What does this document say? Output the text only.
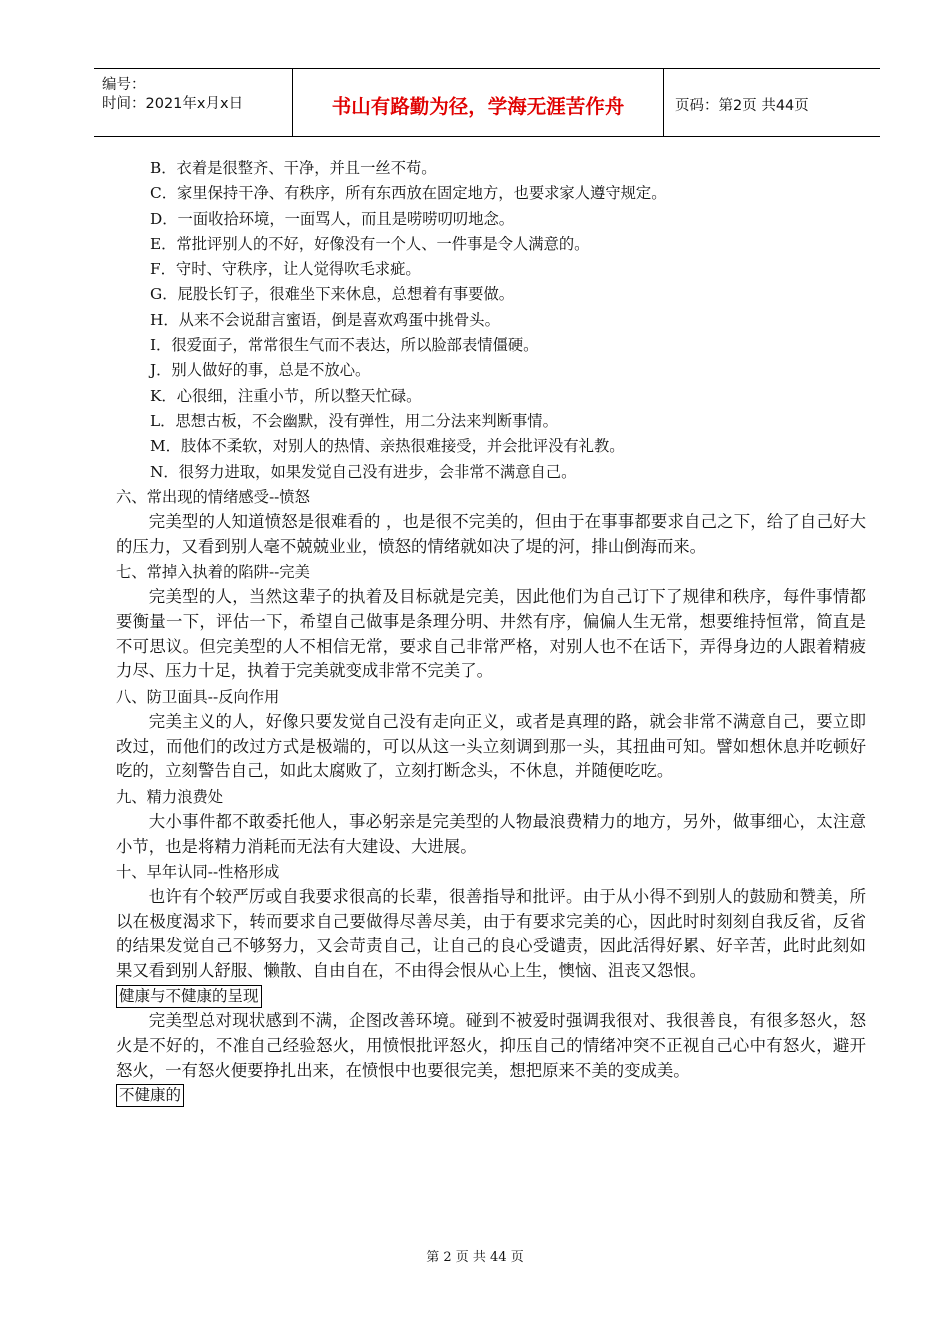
编号：
时间：2021年x月x日	书山有路勤为径，学海无涯苦作舟	页码：第2页 共44页
B．衣着是很整齐、干净，并且一丝不苟。
C．家里保持干净、有秩序，所有东西放在固定地方，也要求家人遵守规定。
D．一面收拾环境，一面骂人，而且是唠唠叨叨地念。
E．常批评别人的不好，好像没有一个人、一件事是令人满意的。
F．守时、守秩序，让人觉得吹毛求疵。
G．屁股长钉子，很难坐下来休息，总想着有事要做。
H．从来不会说甜言蜜语，倒是喜欢鸡蛋中挑骨头。
I．很爱面子，常常很生气而不表达，所以脸部表情僵硬。
J．别人做好的事，总是不放心。
K．心很细，注重小节，所以整天忙碌。
L．思想古板，不会幽默，没有弹性，用二分法来判断事情。
M．肢体不柔软，对别人的热情、亲热很难接受，并会批评没有礼教。
N．很努力进取，如果发觉自己没有进步，会非常不满意自己。
六、常出现的情绪感受--愤怒
完美型的人知道愤怒是很难看的 ，也是很不完美的，但由于在事事都要求自己之下，给了自己好大的压力，又看到别人毫不兢兢业业，愤怒的情绪就如决了堤的河，排山倒海而来。
七、常掉入执着的陷阱--完美
完美型的人，当然这辈子的执着及目标就是完美，因此他们为自己订下了规律和秩序，每件事情都要衡量一下，评估一下，希望自己做事是条理分明、井然有序，偏偏人生无常，想要维持恒常，简直是不可思议。但完美型的人不相信无常，要求自己非常严格，对别人也不在话下，弄得身边的人跟着精疲力尽、压力十足，执着于完美就变成非常不完美了。
八、防卫面具--反向作用
完美主义的人，好像只要发觉自己没有走向正义，或者是真理的路，就会非常不满意自己，要立即改过，而他们的改过方式是极端的，可以从这一头立刻调到那一头，其扭曲可知。譬如想休息并吃顿好吃的，立刻警告自己，如此太腐败了，立刻打断念头，不休息，并随便吃吃。
九、精力浪费处
大小事件都不敢委托他人，事必躬亲是完美型的人物最浪费精力的地方，另外，做事细心，太注意小节，也是将精力消耗而无法有大建设、大进展。
十、早年认同--性格形成
也许有个较严厉或自我要求很高的长辈，很善指导和批评。由于从小得不到别人的鼓励和赞美，所以在极度渴求下，转而要求自己要做得尽善尽美，由于有要求完美的心，因此时时刻刻自我反省，反省的结果发觉自己不够努力，又会苛责自己，让自己的良心受谴责，因此活得好累、好辛苦，此时此刻如果又看到别人舒服、懒散、自由自在，不由得会恨从心上生，懊恼、沮丧又怨恨。
健康与不健康的呈现
完美型总对现状感到不满，企图改善环境。碰到不被爱时强调我很对、我很善良，有很多怒火，怒火是不好的，不准自己经验怒火，用愤恨批评怒火，抑压自己的情绪冲突不正视自己心中有怒火，避开怒火，一有怒火便要挣扎出来，在愤恨中也要很完美，想把原来不美的变成美。
不健康的
第 2 页 共 44 页
